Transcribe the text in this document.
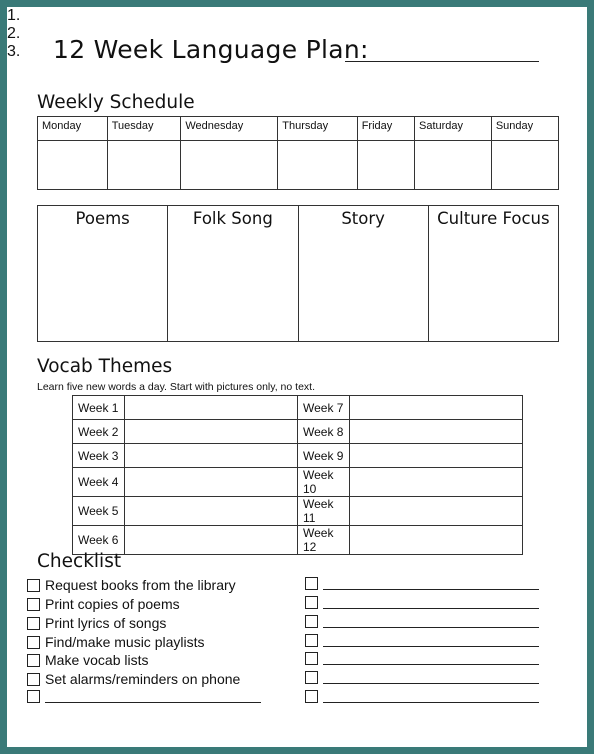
12 Week Language Plan:
Weekly Schedule
Monday	Tuesday	Wednesday	Thursday	Friday	Saturday	Sunday

Poems	Folk Song	Story	Culture Focus
1.
2.
3.
Vocab Themes
Learn five new words a day. Start with pictures only, no text.
Week 1		Week 7	
Week 2		Week 8	
Week 3		Week 9	
Week 4		Week 10	
Week 5		Week 11	
Week 6		Week 12	
Checklist
Request books from the library
Print copies of poems
Print lyrics of songs
Find/make music playlists
Make vocab lists
Set alarms/reminders on phone
